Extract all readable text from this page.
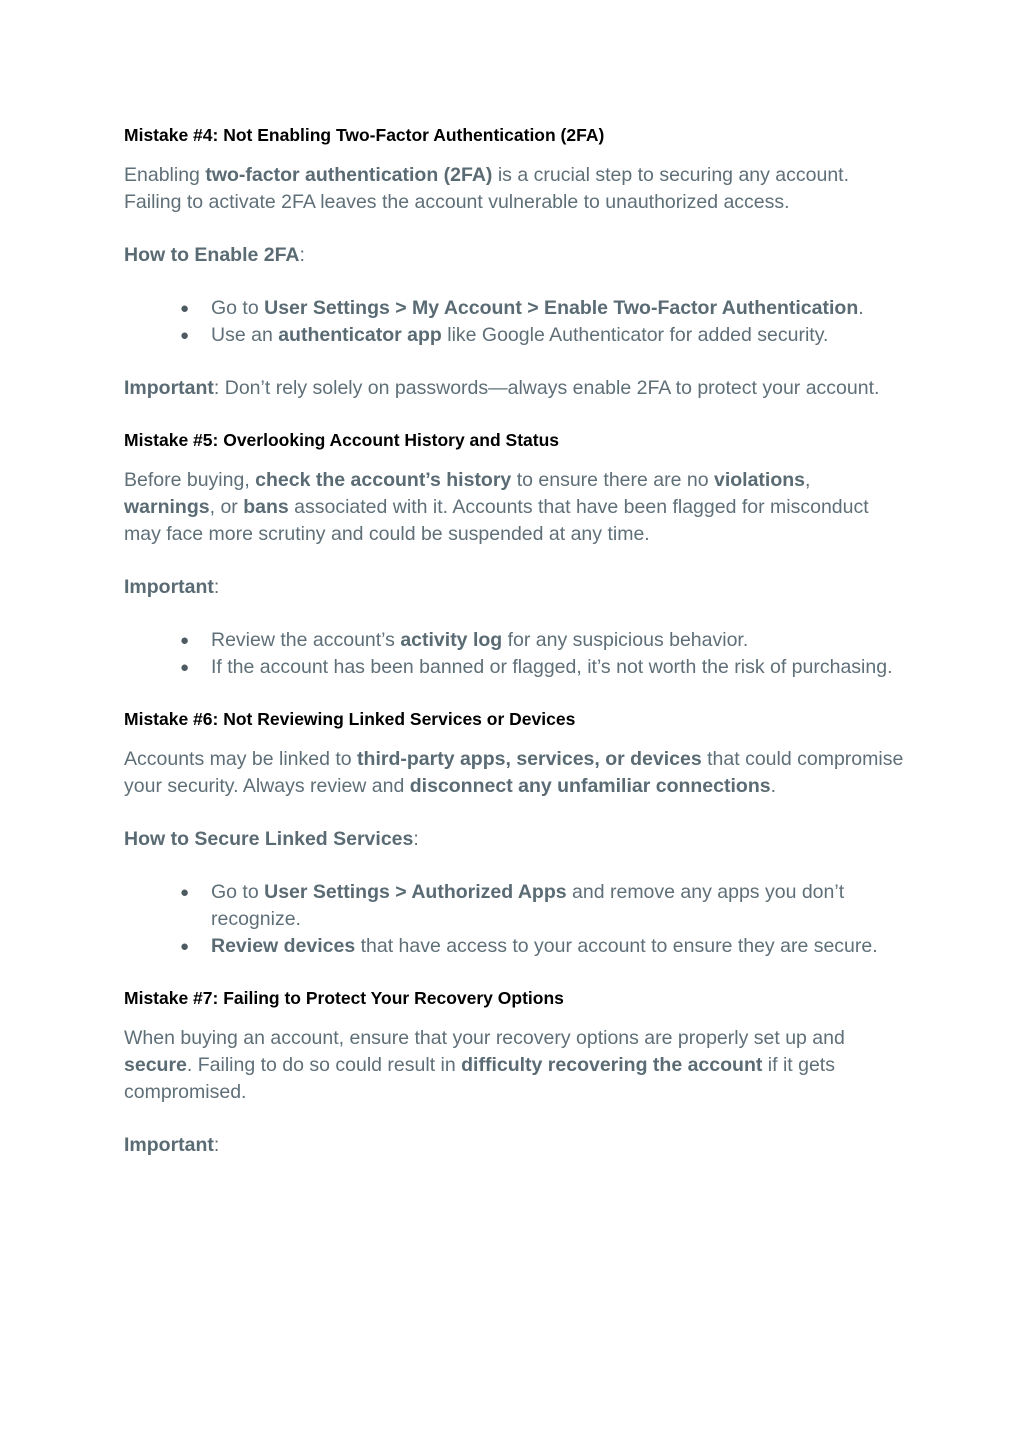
Mistake #4: Not Enabling Two-Factor Authentication (2FA)

Enabling two-factor authentication (2FA) is a crucial step to securing any account. Failing to activate 2FA leaves the account vulnerable to unauthorized access.

How to Enable 2FA:

● Go to User Settings > My Account > Enable Two-Factor Authentication.
● Use an authenticator app like Google Authenticator for added security.

Important: Don’t rely solely on passwords—always enable 2FA to protect your account.

Mistake #5: Overlooking Account History and Status

Before buying, check the account’s history to ensure there are no violations, warnings, or bans associated with it. Accounts that have been flagged for misconduct may face more scrutiny and could be suspended at any time.

Important:

● Review the account’s activity log for any suspicious behavior.
● If the account has been banned or flagged, it’s not worth the risk of purchasing.
Mistake #6: Not Reviewing Linked Services or Devices

Accounts may be linked to third-party apps, services, or devices that could compromise your security. Always review and disconnect any unfamiliar connections.

How to Secure Linked Services:

● Go to User Settings > Authorized Apps and remove any apps you don’t recognize.
● Review devices that have access to your account to ensure they are secure.
Mistake #7: Failing to Protect Your Recovery Options

When buying an account, ensure that your recovery options are properly set up and secure. Failing to do so could result in difficulty recovering the account if it gets compromised.

Important:
